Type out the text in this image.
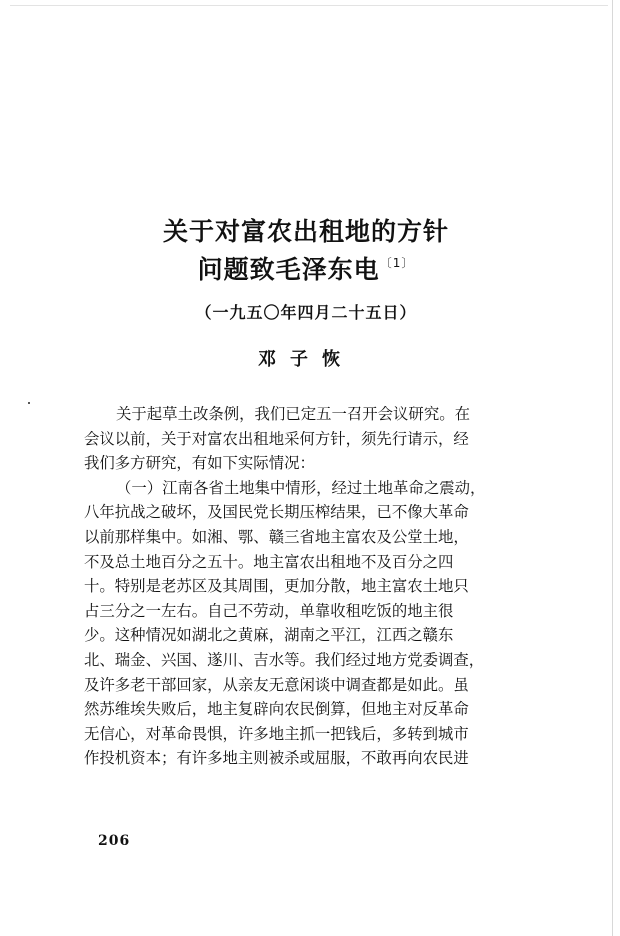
关于对富农出租地的方针
问题致毛泽东电$^{〔1〕}$
（一九五〇年四月二十五日）
邓子恢
关于起草土改条例，我们已定五一召开会议研究。在
会议以前，关于对富农出租地采何方针，须先行请示，经
我们多方研究，有如下实际情况：
（一）江南各省土地集中情形，经过土地革命之震动，
八年抗战之破坏，及国民党长期压榨结果，已不像大革命
以前那样集中。如湘、鄂、赣三省地主富农及公堂土地，
不及总土地百分之五十。地主富农出租地不及百分之四
十。特别是老苏区及其周围，更加分散，地主富农土地只
占三分之一左右。自己不劳动，单靠收租吃饭的地主很
少。这种情况如湖北之黄麻，湖南之平江，江西之赣东
北、瑞金、兴国、遂川、吉水等。我们经过地方党委调查，
及许多老干部回家，从亲友无意闲谈中调查都是如此。虽
然苏维埃失败后，地主复辟向农民倒算，但地主对反革命
无信心，对革命畏惧，许多地主抓一把钱后，多转到城市
作投机资本；有许多地主则被杀或屈服，不敢再向农民进
206
